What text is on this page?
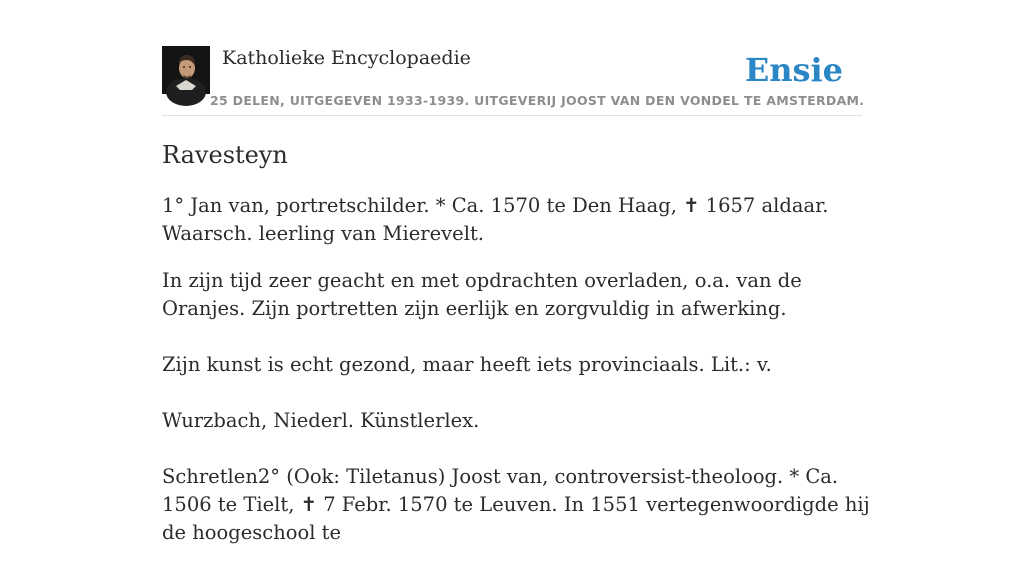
Katholieke Encyclopaedie	Ensie
25 DELEN, UITGEGEVEN 1933-1939. UITGEVERIJ JOOST VAN DEN VONDEL TE AMSTERDAM.
Ravesteyn

1° Jan van, portretschilder. * Ca. 1570 te Den Haag, ✝ 1657 aldaar. Waarsch. leerling van Mierevelt.

In zijn tijd zeer geacht en met opdrachten overladen, o.a. van de Oranjes. Zijn portretten zijn eerlijk en zorgvuldig in afwerking.

Zijn kunst is echt gezond, maar heeft iets provinciaals. Lit.: v.

Wurzbach, Niederl. Künstlerlex.

Schretlen2° (Ook: Tiletanus) Joost van, controversist-theoloog. * Ca. 1506 te Tielt, ✝ 7 Febr. 1570 te Leuven. In 1551 vertegenwoordigde hij de hoogeschool te
